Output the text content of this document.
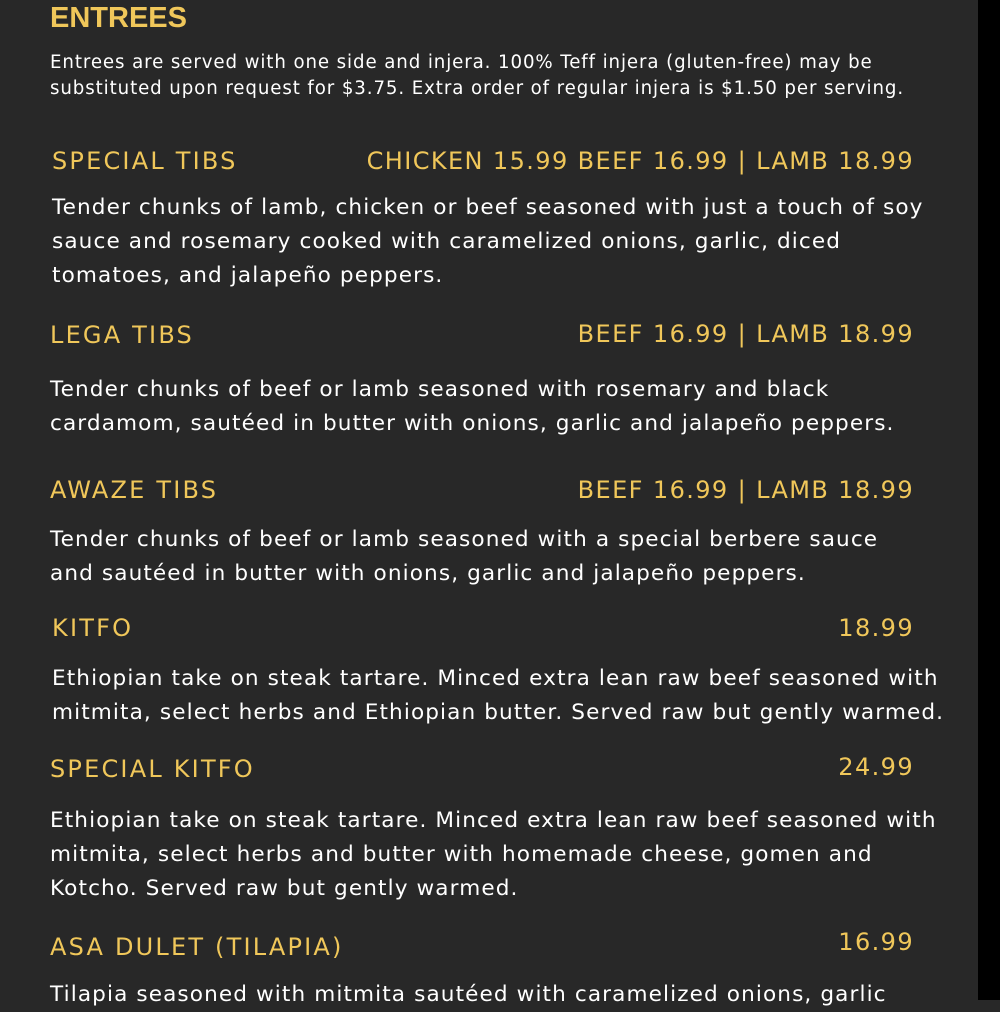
ENTREES
Entrees are served with one side and injera. 100% Teff injera (gluten-free) may be
substituted upon request for $3.75. Extra order of regular injera is $1.50 per serving.
SPECIAL TIBS	CHICKEN 15.99 BEEF 16.99 | LAMB 18.99
Tender chunks of lamb, chicken or beef seasoned with just a touch of soy
sauce and rosemary cooked with caramelized onions, garlic, diced
tomatoes, and jalapeño peppers.
LEGA TIBS	BEEF 16.99 | LAMB 18.99
Tender chunks of beef or lamb seasoned with rosemary and black
cardamom, sautéed in butter with onions, garlic and jalapeño peppers.
AWAZE TIBS	BEEF 16.99 | LAMB 18.99
Tender chunks of beef or lamb seasoned with a special berbere sauce
and sautéed in butter with onions, garlic and jalapeño peppers.
KITFO	18.99
Ethiopian take on steak tartare. Minced extra lean raw beef seasoned with
mitmita, select herbs and Ethiopian butter. Served raw but gently warmed.
SPECIAL KITFO	24.99
Ethiopian take on steak tartare. Minced extra lean raw beef seasoned with
mitmita, select herbs and butter with homemade cheese, gomen and
Kotcho. Served raw but gently warmed.
ASA DULET (TILAPIA)	16.99
Tilapia seasoned with mitmita sautéed with caramelized onions, garlic
